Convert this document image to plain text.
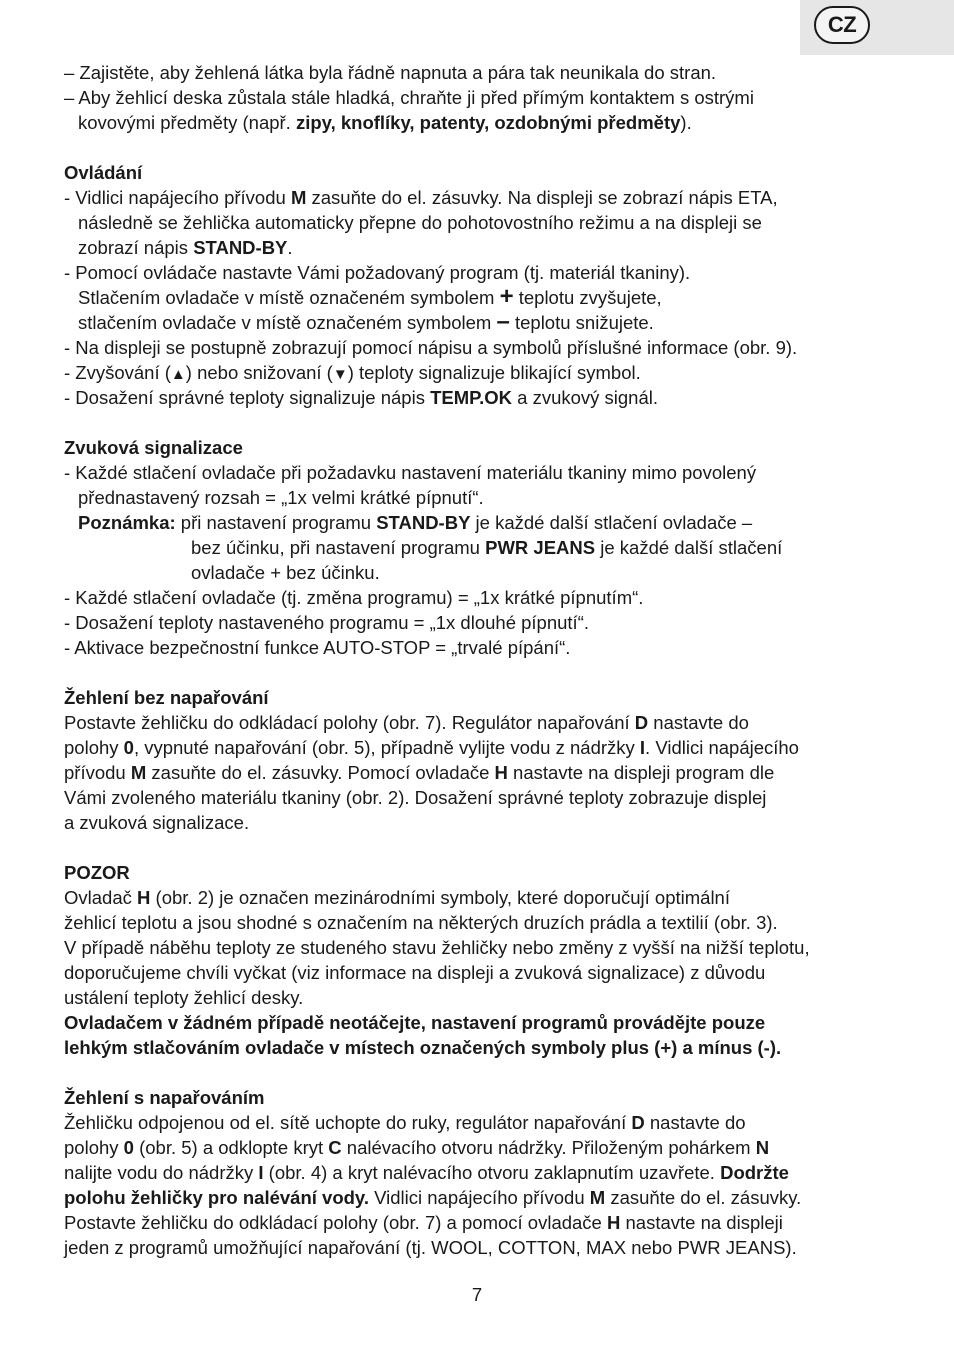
CZ
– Zajistěte, aby žehlená látka byla řádně napnuta a pára tak neunikala do stran.
– Aby žehlicí deska zůstala stále hladká, chraňte ji před přímým kontaktem s ostrými
kovovými předměty (např. zipy, knoflíky, patenty, ozdobnými předměty).
Ovládání
- Vidlici napájecího přívodu M zasuňte do el. zásuvky. Na displeji se zobrazí nápis ETA,
následně se žehlička automaticky přepne do pohotovostního režimu a na displeji se
zobrazí nápis STAND-BY.
- Pomocí ovládače nastavte Vámi požadovaný program (tj. materiál tkaniny).
Stlačením ovladače v místě označeném symbolem + teplotu zvyšujete,
stlačením ovladače v místě označeném symbolem – teplotu snižujete.
- Na displeji se postupně zobrazují pomocí nápisu a symbolů příslušné informace (obr. 9).
- Zvyšování (▲) nebo snižovaní (▼) teploty signalizuje blikající symbol.
- Dosažení správné teploty signalizuje nápis TEMP.OK a zvukový signál.
Zvuková signalizace
- Každé stlačení ovladače při požadavku nastavení materiálu tkaniny mimo povolený
přednastavený rozsah = „1x velmi krátké pípnutí“.
Poznámka: při nastavení programu STAND-BY je každé další stlačení ovladače –
bez účinku, při nastavení programu PWR JEANS je každé další stlačení
ovladače + bez účinku.
- Každé stlačení ovladače (tj. změna programu) = „1x krátké pípnutím“.
- Dosažení teploty nastaveného programu = „1x dlouhé pípnutí“.
- Aktivace bezpečnostní funkce AUTO-STOP = „trvalé pípání“.
Žehlení bez napařování
Postavte žehličku do odkládací polohy (obr. 7). Regulátor napařování D nastavte do
polohy 0, vypnuté napařování (obr. 5), případně vylijte vodu z nádržky I. Vidlici napájecího
přívodu M zasuňte do el. zásuvky. Pomocí ovladače H nastavte na displeji program dle
Vámi zvoleného materiálu tkaniny (obr. 2). Dosažení správné teploty zobrazuje displej
a zvuková signalizace.
POZOR
Ovladač H (obr. 2) je označen mezinárodními symboly, které doporučují optimální
žehlicí teplotu a jsou shodné s označením na některých druzích prádla a textilií (obr. 3).
V případě náběhu teploty ze studeného stavu žehličky nebo změny z vyšší na nižší teplotu,
doporučujeme chvíli vyčkat (viz informace na displeji a zvuková signalizace) z důvodu
ustálení teploty žehlicí desky.
Ovladačem v žádném případě neotáčejte, nastavení programů provádějte pouze
lehkým stlačováním ovladače v místech označených symboly plus (+) a mínus (-).
Žehlení s napařováním
Žehličku odpojenou od el. sítě uchopte do ruky, regulátor napařování D nastavte do
polohy 0 (obr. 5) a odklopte kryt C nalévacího otvoru nádržky. Přiloženým pohárkem N
nalijte vodu do nádržky I (obr. 4) a kryt nalévacího otvoru zaklapnutím uzavřete. Dodržte
polohu žehličky pro nalévání vody. Vidlici napájecího přívodu M zasuňte do el. zásuvky.
Postavte žehličku do odkládací polohy (obr. 7) a pomocí ovladače H nastavte na displeji
jeden z programů umožňující napařování (tj. WOOL, COTTON, MAX nebo PWR JEANS).
7
